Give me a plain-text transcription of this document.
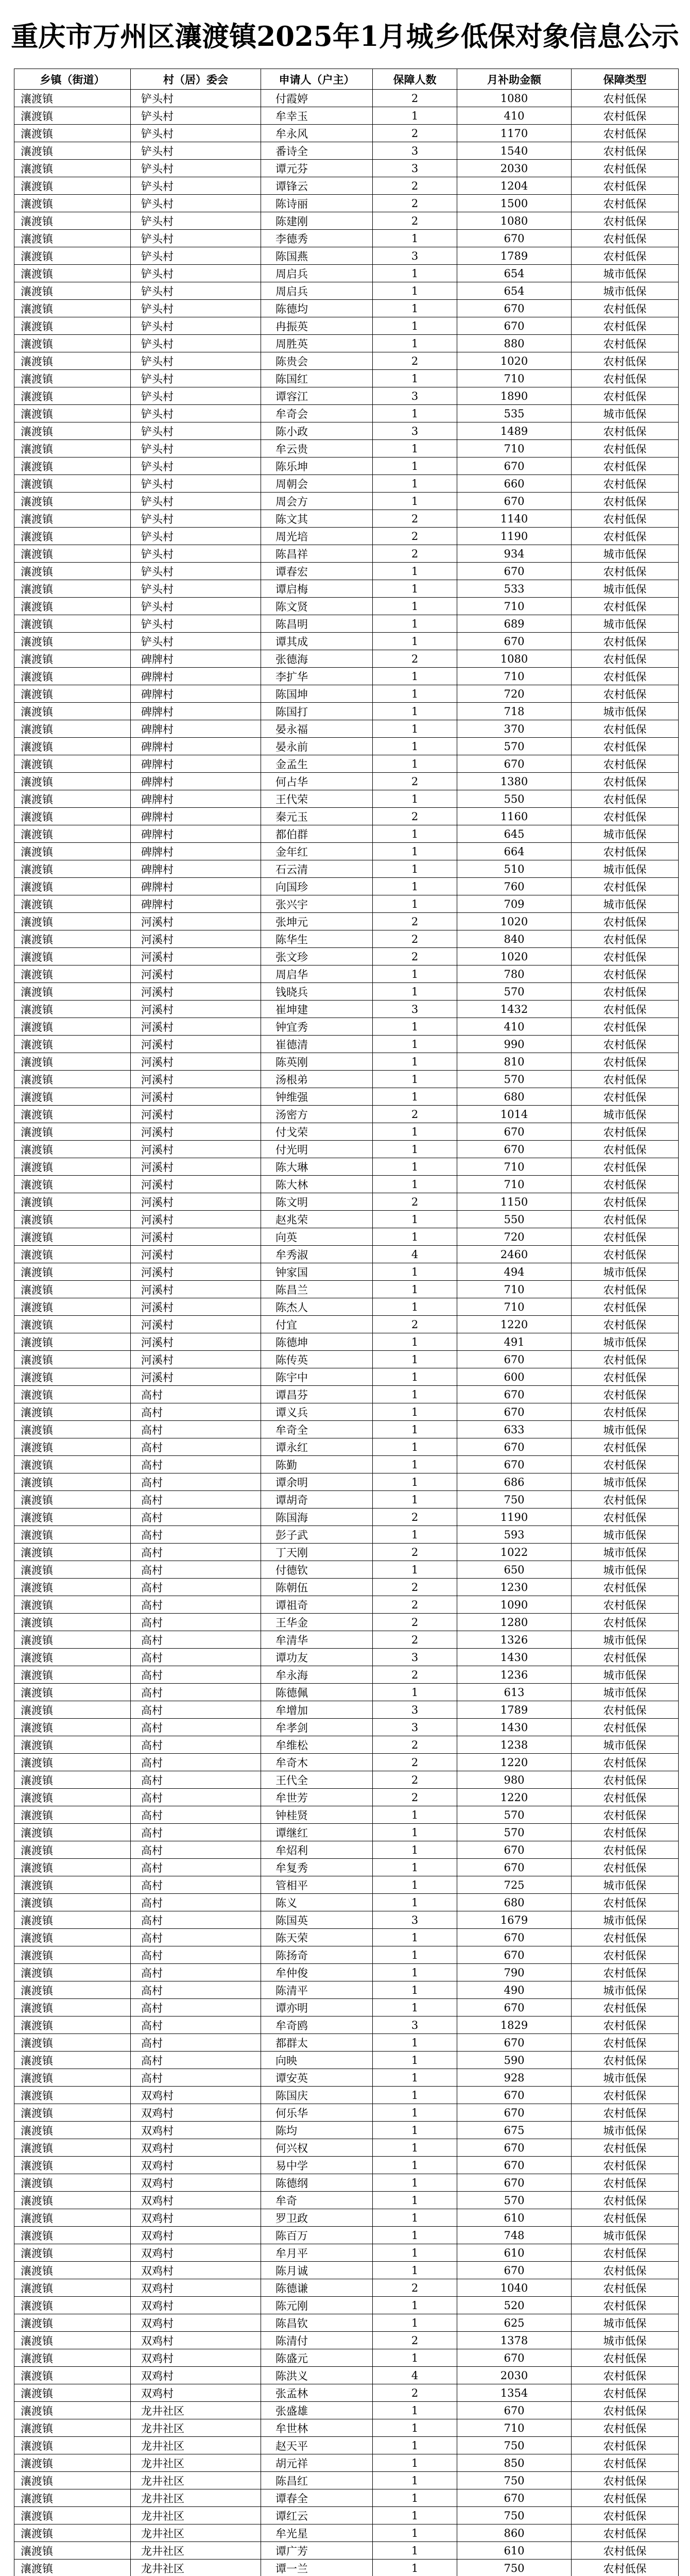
重庆市万州区瀼渡镇2025年1月城乡低保对象信息公示
乡镇（街道）	村（居）委会	申请人（户主）	保障人数	月补助金额	保障类型
瀼渡镇	铲头村	付霞婷	2	1080	农村低保
瀼渡镇	铲头村	牟幸玉	1	410	农村低保
瀼渡镇	铲头村	牟永风	2	1170	农村低保
瀼渡镇	铲头村	番诗全	3	1540	农村低保
瀼渡镇	铲头村	谭元芬	3	2030	农村低保
瀼渡镇	铲头村	谭锋云	2	1204	农村低保
瀼渡镇	铲头村	陈诗丽	2	1500	农村低保
瀼渡镇	铲头村	陈建刚	2	1080	农村低保
瀼渡镇	铲头村	李德秀	1	670	农村低保
瀼渡镇	铲头村	陈国燕	3	1789	农村低保
瀼渡镇	铲头村	周启兵	1	654	城市低保
瀼渡镇	铲头村	周启兵	1	654	城市低保
瀼渡镇	铲头村	陈德均	1	670	农村低保
瀼渡镇	铲头村	冉振英	1	670	农村低保
瀼渡镇	铲头村	周胜英	1	880	农村低保
瀼渡镇	铲头村	陈贵会	2	1020	农村低保
瀼渡镇	铲头村	陈国红	1	710	农村低保
瀼渡镇	铲头村	谭容江	3	1890	农村低保
瀼渡镇	铲头村	牟奇会	1	535	城市低保
瀼渡镇	铲头村	陈小政	3	1489	农村低保
瀼渡镇	铲头村	牟云贵	1	710	农村低保
瀼渡镇	铲头村	陈乐坤	1	670	农村低保
瀼渡镇	铲头村	周朝会	1	660	农村低保
瀼渡镇	铲头村	周会方	1	670	农村低保
瀼渡镇	铲头村	陈文其	2	1140	农村低保
瀼渡镇	铲头村	周光培	2	1190	农村低保
瀼渡镇	铲头村	陈昌祥	2	934	城市低保
瀼渡镇	铲头村	谭春宏	1	670	农村低保
瀼渡镇	铲头村	谭启梅	1	533	城市低保
瀼渡镇	铲头村	陈文贤	1	710	农村低保
瀼渡镇	铲头村	陈昌明	1	689	城市低保
瀼渡镇	铲头村	谭其成	1	670	农村低保
瀼渡镇	碑牌村	张德海	2	1080	农村低保
瀼渡镇	碑牌村	李扩华	1	710	农村低保
瀼渡镇	碑牌村	陈国坤	1	720	农村低保
瀼渡镇	碑牌村	陈国打	1	718	城市低保
瀼渡镇	碑牌村	晏永福	1	370	农村低保
瀼渡镇	碑牌村	晏永前	1	570	农村低保
瀼渡镇	碑牌村	金孟生	1	670	农村低保
瀼渡镇	碑牌村	何占华	2	1380	农村低保
瀼渡镇	碑牌村	王代荣	1	550	农村低保
瀼渡镇	碑牌村	秦元玉	2	1160	农村低保
瀼渡镇	碑牌村	都伯群	1	645	城市低保
瀼渡镇	碑牌村	金年红	1	664	农村低保
瀼渡镇	碑牌村	石云清	1	510	城市低保
瀼渡镇	碑牌村	向国珍	1	760	农村低保
瀼渡镇	碑牌村	张兴宇	1	709	城市低保
瀼渡镇	河溪村	张坤元	2	1020	农村低保
瀼渡镇	河溪村	陈华生	2	840	农村低保
瀼渡镇	河溪村	张文珍	2	1020	农村低保
瀼渡镇	河溪村	周启华	1	780	农村低保
瀼渡镇	河溪村	钱晓兵	1	570	农村低保
瀼渡镇	河溪村	崔坤建	3	1432	农村低保
瀼渡镇	河溪村	钟宜秀	1	410	农村低保
瀼渡镇	河溪村	崔德清	1	990	农村低保
瀼渡镇	河溪村	陈英刚	1	810	农村低保
瀼渡镇	河溪村	汤根弟	1	570	农村低保
瀼渡镇	河溪村	钟维强	1	680	农村低保
瀼渡镇	河溪村	汤密方	2	1014	城市低保
瀼渡镇	河溪村	付戈荣	1	670	农村低保
瀼渡镇	河溪村	付光明	1	670	农村低保
瀼渡镇	河溪村	陈大琳	1	710	农村低保
瀼渡镇	河溪村	陈大林	1	710	农村低保
瀼渡镇	河溪村	陈文明	2	1150	农村低保
瀼渡镇	河溪村	赵兆荣	1	550	农村低保
瀼渡镇	河溪村	向英	1	720	农村低保
瀼渡镇	河溪村	牟秀淑	4	2460	农村低保
瀼渡镇	河溪村	钟家国	1	494	城市低保
瀼渡镇	河溪村	陈昌兰	1	710	农村低保
瀼渡镇	河溪村	陈杰人	1	710	农村低保
瀼渡镇	河溪村	付宜	2	1220	农村低保
瀼渡镇	河溪村	陈德坤	1	491	城市低保
瀼渡镇	河溪村	陈传英	1	670	农村低保
瀼渡镇	河溪村	陈宇中	1	600	农村低保
瀼渡镇	高村	谭昌芬	1	670	农村低保
瀼渡镇	高村	谭义兵	1	670	农村低保
瀼渡镇	高村	牟奇全	1	633	城市低保
瀼渡镇	高村	谭永红	1	670	农村低保
瀼渡镇	高村	陈勤	1	670	农村低保
瀼渡镇	高村	谭余明	1	686	城市低保
瀼渡镇	高村	谭胡奇	1	750	农村低保
瀼渡镇	高村	陈国海	2	1190	农村低保
瀼渡镇	高村	彭子武	1	593	城市低保
瀼渡镇	高村	丁天刚	2	1022	城市低保
瀼渡镇	高村	付德钦	1	650	城市低保
瀼渡镇	高村	陈朝伍	2	1230	农村低保
瀼渡镇	高村	谭祖奇	2	1090	农村低保
瀼渡镇	高村	王华金	2	1280	农村低保
瀼渡镇	高村	牟清华	2	1326	城市低保
瀼渡镇	高村	谭功友	3	1430	农村低保
瀼渡镇	高村	牟永海	2	1236	城市低保
瀼渡镇	高村	陈德佩	1	613	城市低保
瀼渡镇	高村	牟增加	3	1789	农村低保
瀼渡镇	高村	牟孝剑	3	1430	农村低保
瀼渡镇	高村	牟维松	2	1238	城市低保
瀼渡镇	高村	牟奇木	2	1220	农村低保
瀼渡镇	高村	王代全	2	980	农村低保
瀼渡镇	高村	牟世芳	2	1220	农村低保
瀼渡镇	高村	钟桂贤	1	570	农村低保
瀼渡镇	高村	谭继红	1	570	农村低保
瀼渡镇	高村	牟炤利	1	670	农村低保
瀼渡镇	高村	牟复秀	1	670	农村低保
瀼渡镇	高村	管相平	1	725	城市低保
瀼渡镇	高村	陈义	1	680	农村低保
瀼渡镇	高村	陈国英	3	1679	城市低保
瀼渡镇	高村	陈天荣	1	670	农村低保
瀼渡镇	高村	陈扬奇	1	670	农村低保
瀼渡镇	高村	牟仲俊	1	790	农村低保
瀼渡镇	高村	陈清平	1	490	城市低保
瀼渡镇	高村	谭亦明	1	670	农村低保
瀼渡镇	高村	牟奇鸥	3	1829	农村低保
瀼渡镇	高村	都群太	1	670	农村低保
瀼渡镇	高村	向映	1	590	农村低保
瀼渡镇	高村	谭安英	1	928	城市低保
瀼渡镇	双鸡村	陈国庆	1	670	农村低保
瀼渡镇	双鸡村	何乐华	1	670	农村低保
瀼渡镇	双鸡村	陈均	1	675	城市低保
瀼渡镇	双鸡村	何兴权	1	670	农村低保
瀼渡镇	双鸡村	易中学	1	670	农村低保
瀼渡镇	双鸡村	陈德纲	1	670	农村低保
瀼渡镇	双鸡村	牟奇	1	570	农村低保
瀼渡镇	双鸡村	罗卫政	1	610	农村低保
瀼渡镇	双鸡村	陈百万	1	748	城市低保
瀼渡镇	双鸡村	牟月平	1	610	农村低保
瀼渡镇	双鸡村	陈月诚	1	670	农村低保
瀼渡镇	双鸡村	陈德谦	2	1040	农村低保
瀼渡镇	双鸡村	陈元刚	1	520	农村低保
瀼渡镇	双鸡村	陈昌钦	1	625	城市低保
瀼渡镇	双鸡村	陈清付	2	1378	城市低保
瀼渡镇	双鸡村	陈盛元	1	670	农村低保
瀼渡镇	双鸡村	陈洪义	4	2030	农村低保
瀼渡镇	双鸡村	张孟林	2	1354	农村低保
瀼渡镇	龙井社区	张盛雄	1	670	农村低保
瀼渡镇	龙井社区	牟世林	1	710	农村低保
瀼渡镇	龙井社区	赵天平	1	750	农村低保
瀼渡镇	龙井社区	胡元祥	1	850	农村低保
瀼渡镇	龙井社区	陈昌红	1	750	农村低保
瀼渡镇	龙井社区	谭春全	1	670	农村低保
瀼渡镇	龙井社区	谭红云	1	750	农村低保
瀼渡镇	龙井社区	牟光星	1	860	农村低保
瀼渡镇	龙井社区	谭广芳	1	610	农村低保
瀼渡镇	龙井社区	谭一兰	1	750	农村低保
